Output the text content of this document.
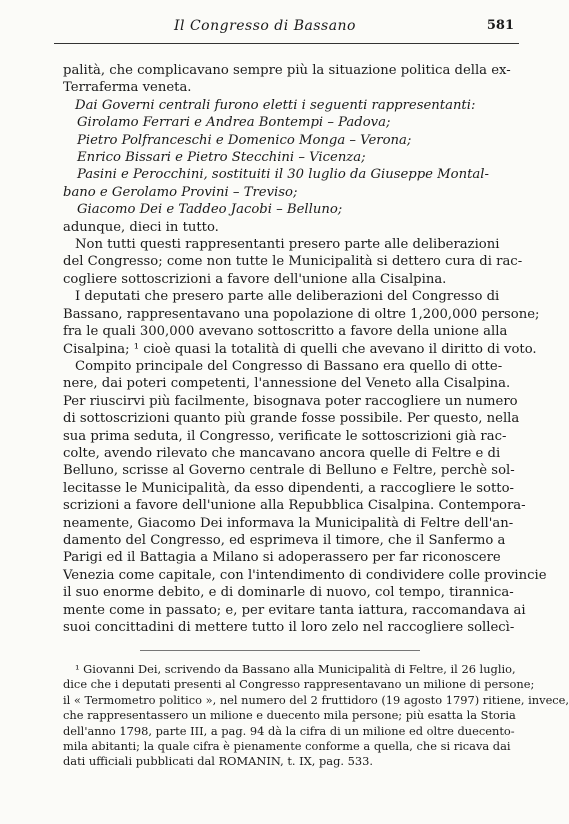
Il Congresso di Bassano	581
palità, che complicavano sempre più la situazione politica della ex-
Terraferma veneta.
Dai Governi centrali furono eletti i seguenti rappresentanti:
Girolamo Ferrari e Andrea Bontempi – Padova;
Pietro Polfranceschi e Domenico Monga – Verona;
Enrico Bissari e Pietro Stecchini – Vicenza;
Pasini e Perocchini, sostituiti il 30 luglio da Giuseppe Montal-
bano e Gerolamo Provini – Treviso;
Giacomo Dei e Taddeo Jacobi – Belluno;
adunque, dieci in tutto.
Non tutti questi rappresentanti presero parte alle deliberazioni
del Congresso; come non tutte le Municipalità si dettero cura di rac-
cogliere sottoscrizioni a favore dell'unione alla Cisalpina.
I deputati che presero parte alle deliberazioni del Congresso di
Bassano, rappresentavano una popolazione di oltre 1,200,000 persone;
fra le quali 300,000 avevano sottoscritto a favore della unione alla
Cisalpina; ¹ cioè quasi la totalità di quelli che avevano il diritto di voto.
Compito principale del Congresso di Bassano era quello di otte-
nere, dai poteri competenti, l'annessione del Veneto alla Cisalpina.
Per riuscirvi più facilmente, bisognava poter raccogliere un numero
di sottoscrizioni quanto più grande fosse possibile. Per questo, nella
sua prima seduta, il Congresso, verificate le sottoscrizioni già rac-
colte, avendo rilevato che mancavano ancora quelle di Feltre e di
Belluno, scrisse al Governo centrale di Belluno e Feltre, perchè sol-
lecitasse le Municipalità, da esso dipendenti, a raccogliere le sotto-
scrizioni a favore dell'unione alla Repubblica Cisalpina. Contempora-
neamente, Giacomo Dei informava la Municipalità di Feltre dell'an-
damento del Congresso, ed esprimeva il timore, che il Sanfermo a
Parigi ed il Battagia a Milano si adoperassero per far riconoscere
Venezia come capitale, con l'intendimento di condividere colle provincie
il suo enorme debito, e di dominarle di nuovo, col tempo, tirannica-
mente come in passato; e, per evitare tanta iattura, raccomandava ai
suoi concittadini di mettere tutto il loro zelo nel raccogliere sollecì-
¹ Giovanni Dei, scrivendo da Bassano alla Municipalità di Feltre, il 26 luglio,
dice che i deputati presenti al Congresso rappresentavano un milione di persone;
il « Termometro politico », nel numero del 2 fruttidoro (19 agosto 1797) ritiene, invece,
che rappresentassero un milione e duecento mila persone; più esatta la Storia
dell'anno 1798, parte III, a pag. 94 dà la cifra di un milione ed oltre duecento-
mila abitanti; la quale cifra è pienamente conforme a quella, che si ricava dai
dati ufficiali pubblicati dal ROMANIN, t. IX, pag. 533.
